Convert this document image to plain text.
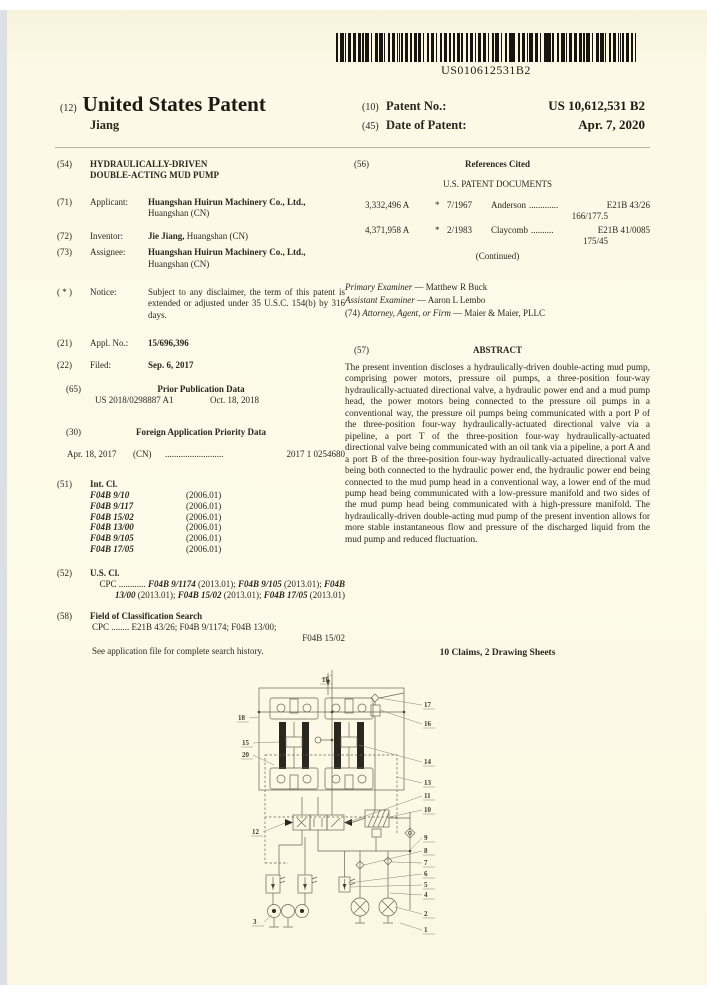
US010612531B2
(12) United States Patent
Jiang
(10) Patent No.:	US 10,612,531 B2
(45) Date of Patent:	Apr. 7, 2020
(54)	HYDRAULICALLY-DRIVEN
DOUBLE-ACTING MUD PUMP
(71)	Applicant:	Huangshan Huirun Machinery Co., Ltd., Huangshan (CN)
(72)	Inventor:	Jie Jiang, Huangshan (CN)
(73)	Assignee:	Huangshan Huirun Machinery Co., Ltd., Huangshan (CN)
( * )	Notice:	Subject to any disclaimer, the term of this patent is extended or adjusted under 35 U.S.C. 154(b) by 316 days.
(21)	Appl. No.:	15/696,396
(22)	Filed:	Sep. 6, 2017
(65)	Prior Publication Data
US 2018/0298887 A1	Oct. 18, 2018
(30)	Foreign Application Priority Data
Apr. 18, 2017	(CN)	..........................	2017 1 0254680
(51)	Int. Cl.
F04B 9/10	(2006.01)
F04B 9/117	(2006.01)
F04B 15/02	(2006.01)
F04B 13/00	(2006.01)
F04B 9/105	(2006.01)
F04B 17/05	(2006.01)
(52)	U.S. Cl.
CPC ............ F04B 9/1174 (2013.01); F04B 9/105 (2013.01); F04B 13/00 (2013.01); F04B 15/02 (2013.01); F04B 17/05 (2013.01)
(58)	Field of Classification Search
CPC ........ E21B 43/26; F04B 9/1174; F04B 13/00;
F04B 15/02
See application file for complete search history.
(56)	References Cited
U.S. PATENT DOCUMENTS
3,332,496 A	* 7/1967	Anderson .............	E21B 43/26
166/177.5
4,371,958 A	* 2/1983	Claycomb ..........	E21B 41/0085
175/45
(Continued)
Primary Examiner — Matthew R Buck
Assistant Examiner — Aaron L Lembo
(74) Attorney, Agent, or Firm — Maier & Maier, PLLC
(57)	ABSTRACT
The present invention discloses a hydraulically-driven double-acting mud pump, comprising power motors, pressure oil pumps, a three-position four-way hydraulically-actuated directional valve, a hydraulic power end and a mud pump head, the power motors being connected to the pressure oil pumps in a conventional way, the pressure oil pumps being communicated with a port P of the three-position four-way hydraulically-actuated directional valve via a pipeline, a port T of the three-position four-way hydraulically-actuated directional valve being communicated with an oil tank via a pipeline, a port A and a port B of the three-position four-way hydraulically-actuated directional valve being both connected to the hydraulic power end, the hydraulic power end being connected to the mud pump head in a conventional way, a lower end of the mud pump head being communicated with a low-pressure manifold and two sides of the mud pump head being communicated with a high-pressure manifold. The hydraulically-driven double-acting mud pump of the present invention allows for more stable instantaneous flow and pressure of the discharged liquid from the mud pump and reduced fluctuation.
10 Claims, 2 Drawing Sheets
19
18
15
20
12
3
17
16
14
13
11
10
9
8
7
6
5
4
2
1
